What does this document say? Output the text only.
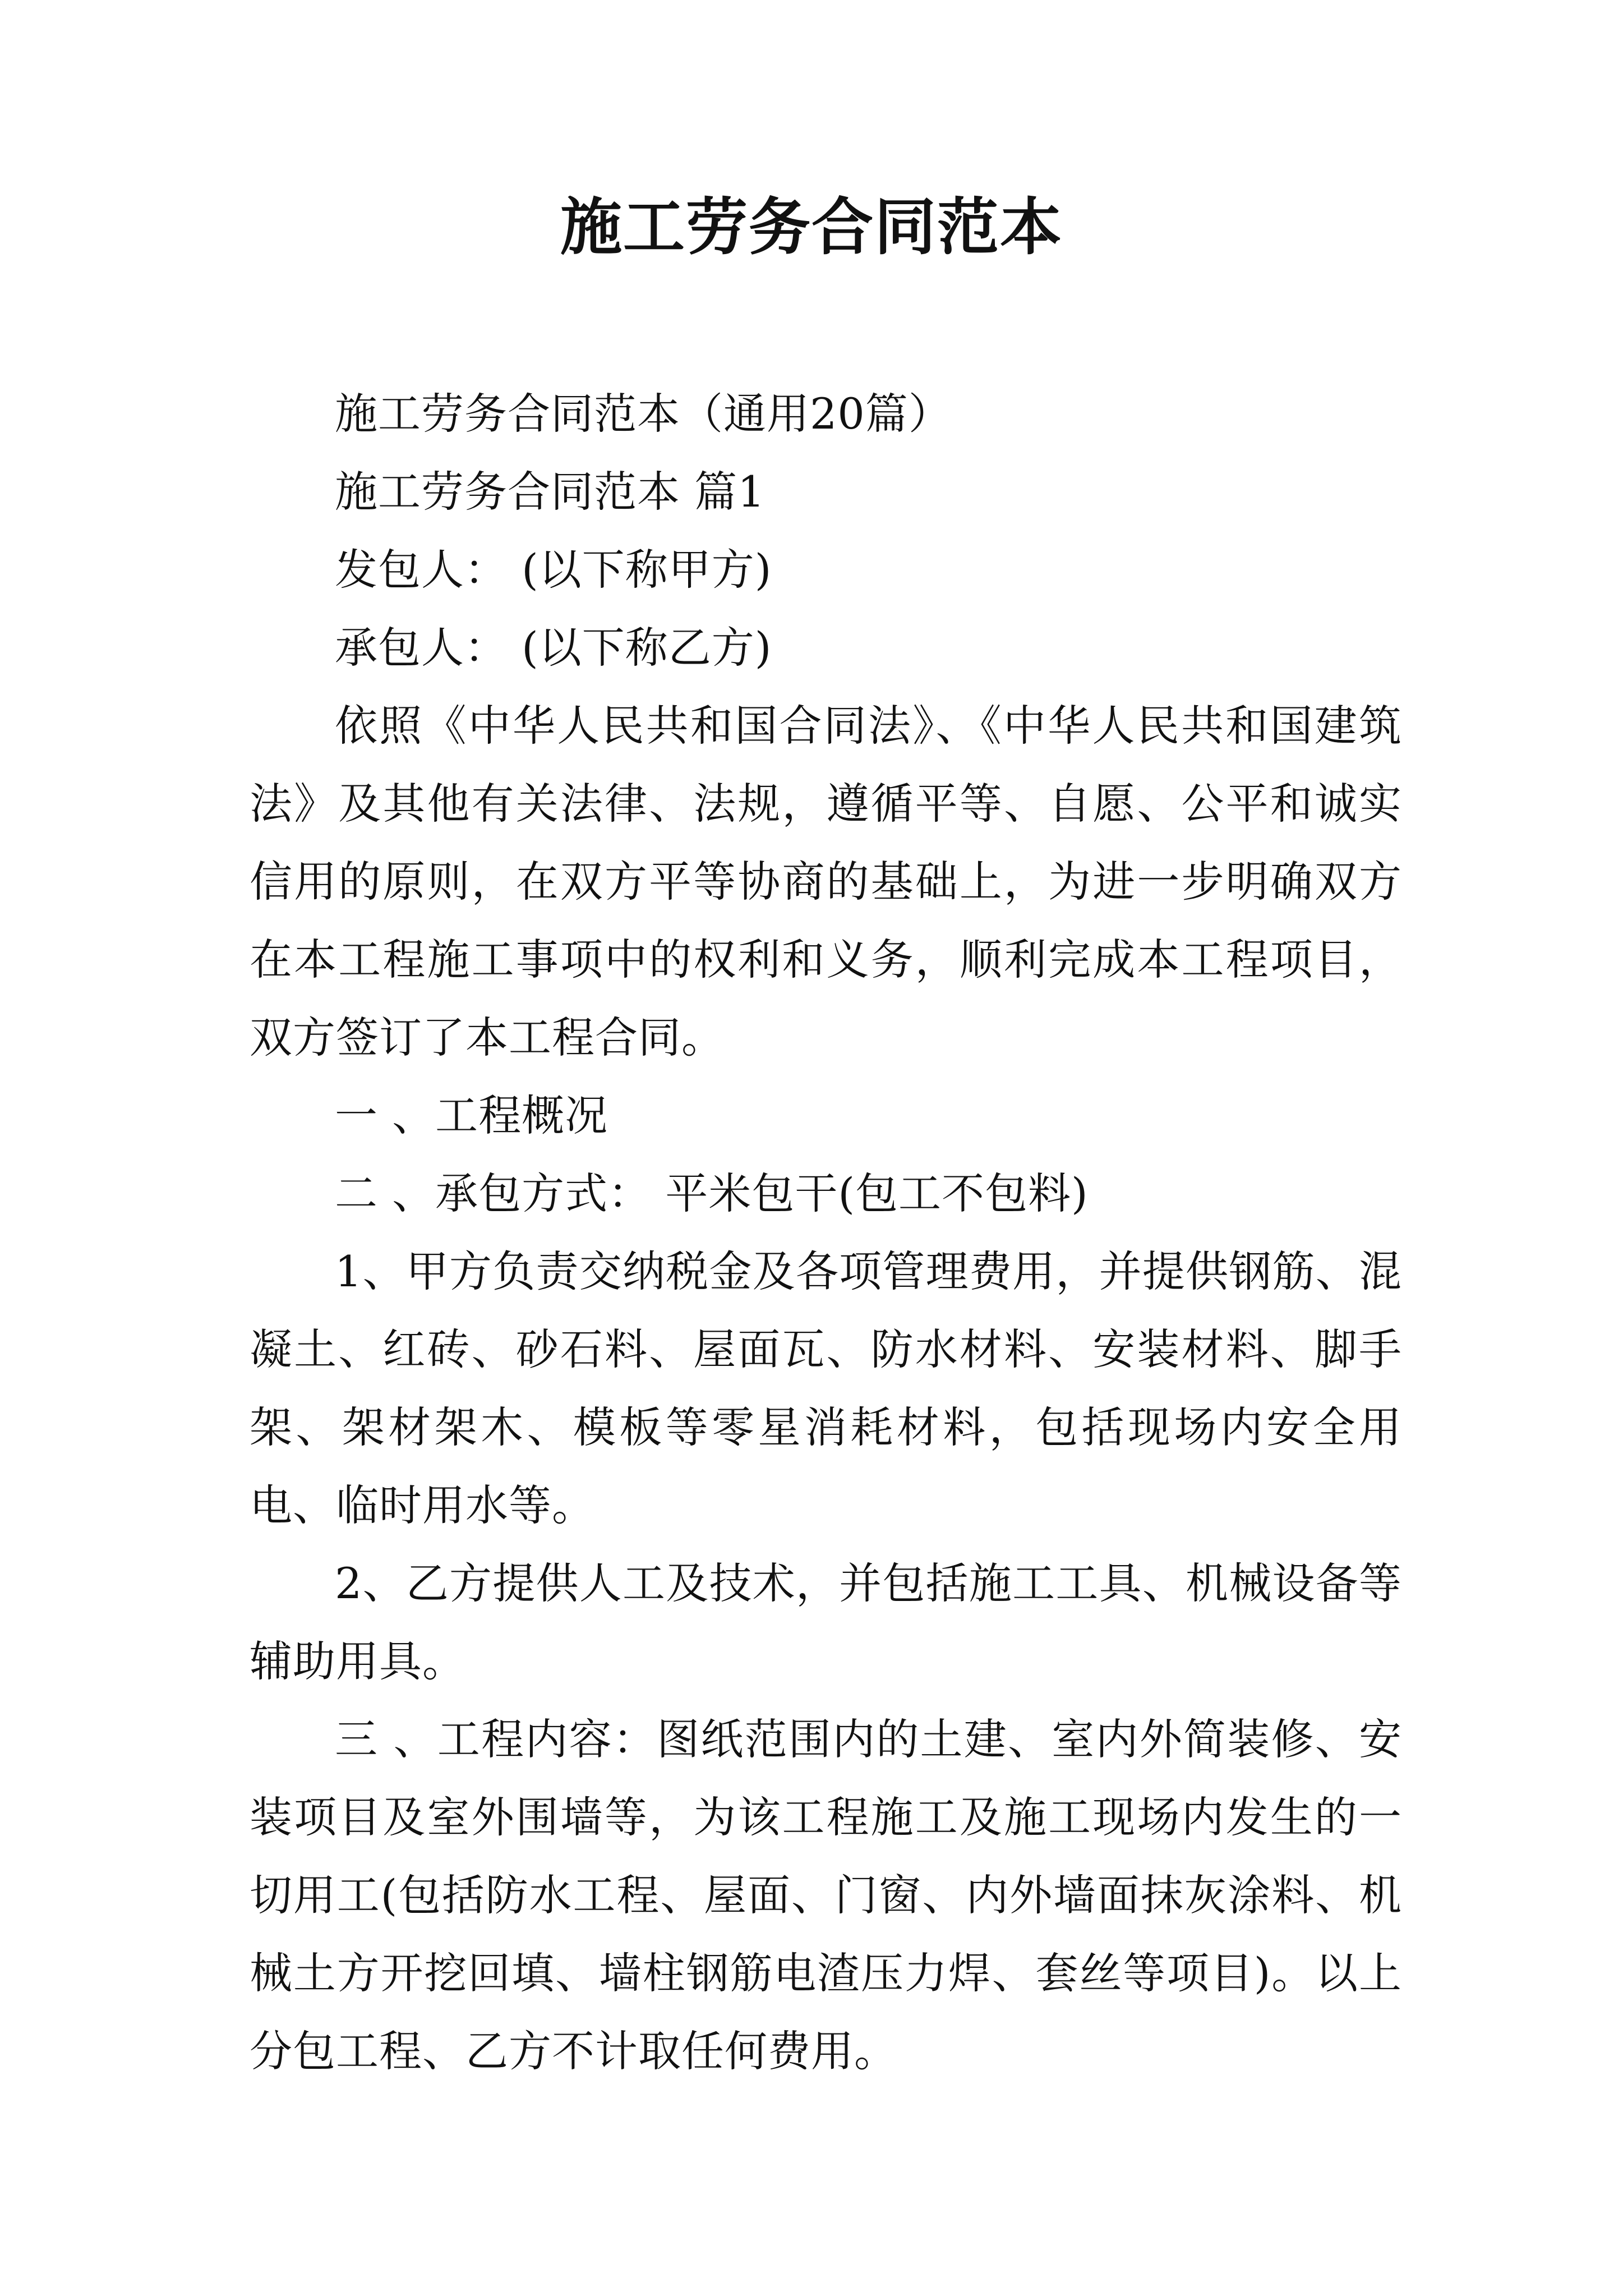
施工劳务合同范本

施工劳务合同范本（通用20篇）

施工劳务合同范本 篇1

发包人： (以下称甲方)

承包人： (以下称乙方)

依照《中华人民共和国合同法》、《中华人民共和国建筑法》及其他有关法律、法规，遵循平等、自愿、公平和诚实信用的原则，在双方平等协商的基础上，为进一步明确双方在本工程施工事项中的权利和义务，顺利完成本工程项目，双方签订了本工程合同。

一 、工程概况

二 、承包方式： 平米包干(包工不包料)

1、甲方负责交纳税金及各项管理费用，并提供钢筋、混凝土、红砖、砂石料、屋面瓦、防水材料、安装材料、脚手架、架材架木、模板等零星消耗材料，包括现场内安全用电、临时用水等。

2、乙方提供人工及技术，并包括施工工具、机械设备等辅助用具。

三 、工程内容：图纸范围内的土建、室内外简装修、安装项目及室外围墙等，为该工程施工及施工现场内发生的一切用工(包括防水工程、屋面、门窗、内外墙面抹灰涂料、机械土方开挖回填、墙柱钢筋电渣压力焊、套丝等项目)。以上分包工程、乙方不计取任何费用。
